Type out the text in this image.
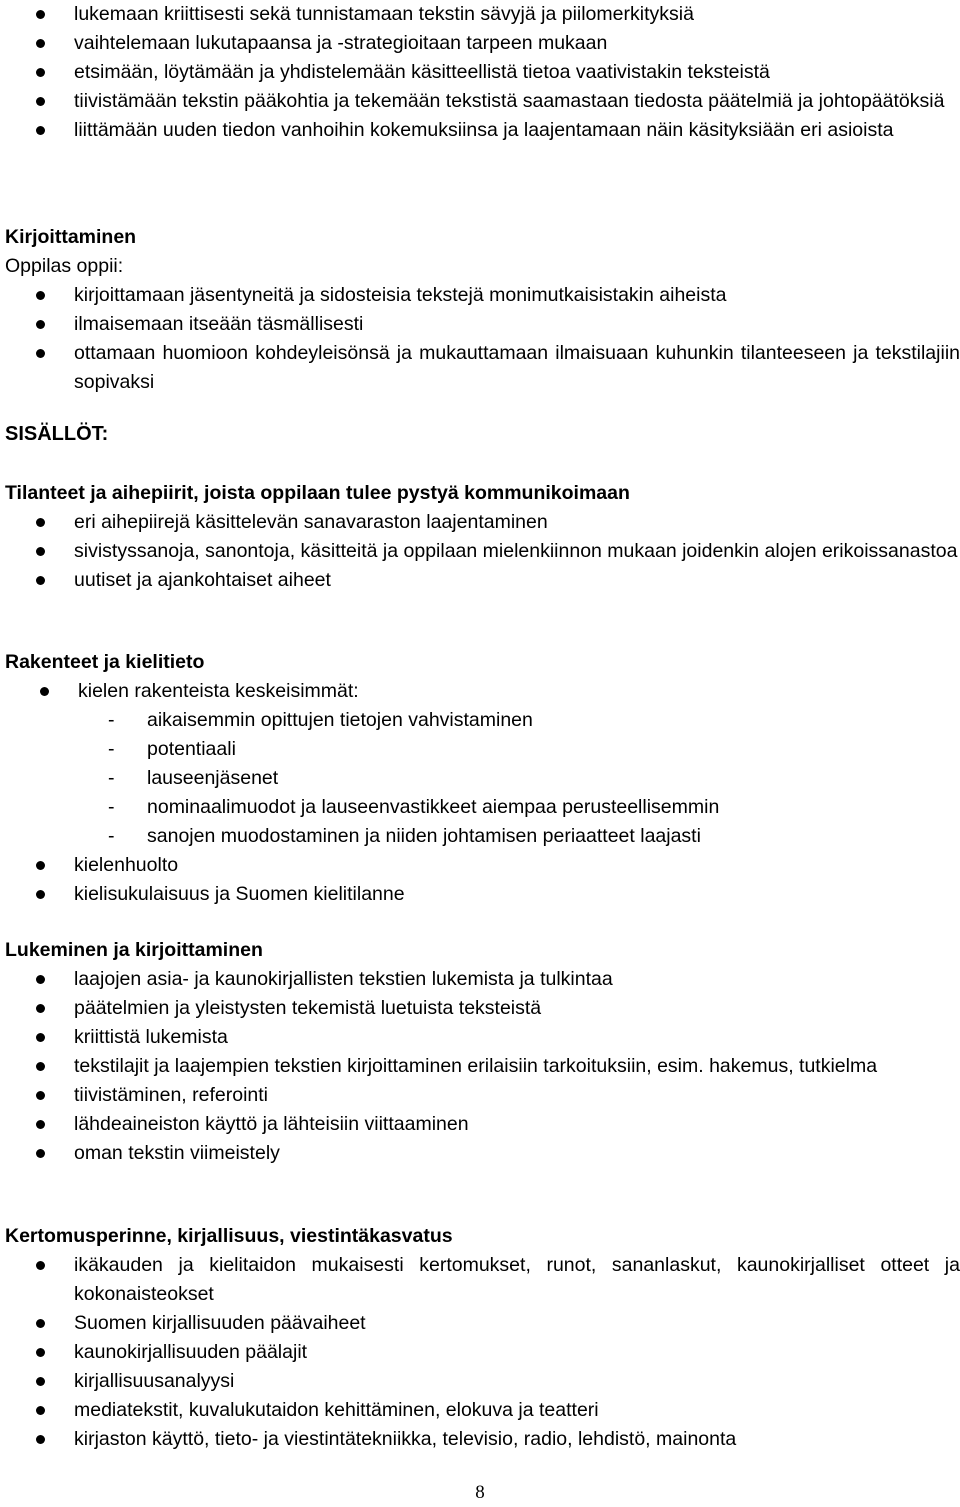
lukemaan kriittisesti sekä tunnistamaan tekstin sävyjä ja piilomerkityksiä
vaihtelemaan lukutapaansa ja -strategioitaan tarpeen mukaan
etsimään, löytämään ja yhdistelemään käsitteellistä tietoa vaativistakin teksteistä
tiivistämään tekstin pääkohtia ja tekemään tekstistä saamastaan tiedosta päätelmiä ja johtopäätöksiä
liittämään uuden tiedon vanhoihin kokemuksiinsa ja laajentamaan näin käsityksiään eri asioista
Kirjoittaminen
Oppilas oppii:
kirjoittamaan jäsentyneitä ja sidosteisia tekstejä monimutkaisistakin aiheista
ilmaisemaan itseään täsmällisesti
ottamaan huomioon kohdeyleisönsä ja mukauttamaan ilmaisuaan kuhunkin tilanteeseen ja tekstilajiin sopivaksi
SISÄLLÖT:
Tilanteet ja aihepiirit, joista oppilaan tulee pystyä kommunikoimaan
eri aihepiirejä käsittelevän sanavaraston laajentaminen
sivistyssanoja, sanontoja, käsitteitä ja oppilaan mielenkiinnon mukaan joidenkin alojen erikoissanastoa
uutiset ja ajankohtaiset aiheet
Rakenteet ja kielitieto
kielen rakenteista keskeisimmät:
- aikaisemmin opittujen tietojen vahvistaminen
- potentiaali
- lauseenjäsenet
- nominaalimuodot ja lauseenvastikkeet aiempaa perusteellisemmin
- sanojen muodostaminen ja niiden johtamisen periaatteet laajasti
kielenhuolto
kielisukulaisuus ja Suomen kielitilanne
Lukeminen ja kirjoittaminen
laajojen asia- ja kaunokirjallisten tekstien lukemista ja tulkintaa
päätelmien ja yleistysten tekemistä luetuista teksteistä
kriittistä lukemista
tekstilajit ja laajempien tekstien kirjoittaminen erilaisiin tarkoituksiin, esim. hakemus, tutkielma
tiivistäminen, referointi
lähdeaineiston käyttö ja lähteisiin viittaaminen
oman tekstin viimeistely
Kertomusperinne, kirjallisuus, viestintäkasvatus
ikäkauden ja kielitaidon mukaisesti kertomukset, runot, sananlaskut, kaunokirjalliset otteet ja kokonaisteokset
Suomen kirjallisuuden päävaiheet
kaunokirjallisuuden päälajit
kirjallisuusanalyysi
mediatekstit, kuvalukutaidon kehittäminen, elokuva ja teatteri
kirjaston käyttö, tieto- ja viestintätekniikka, televisio, radio, lehdistö, mainonta
8
